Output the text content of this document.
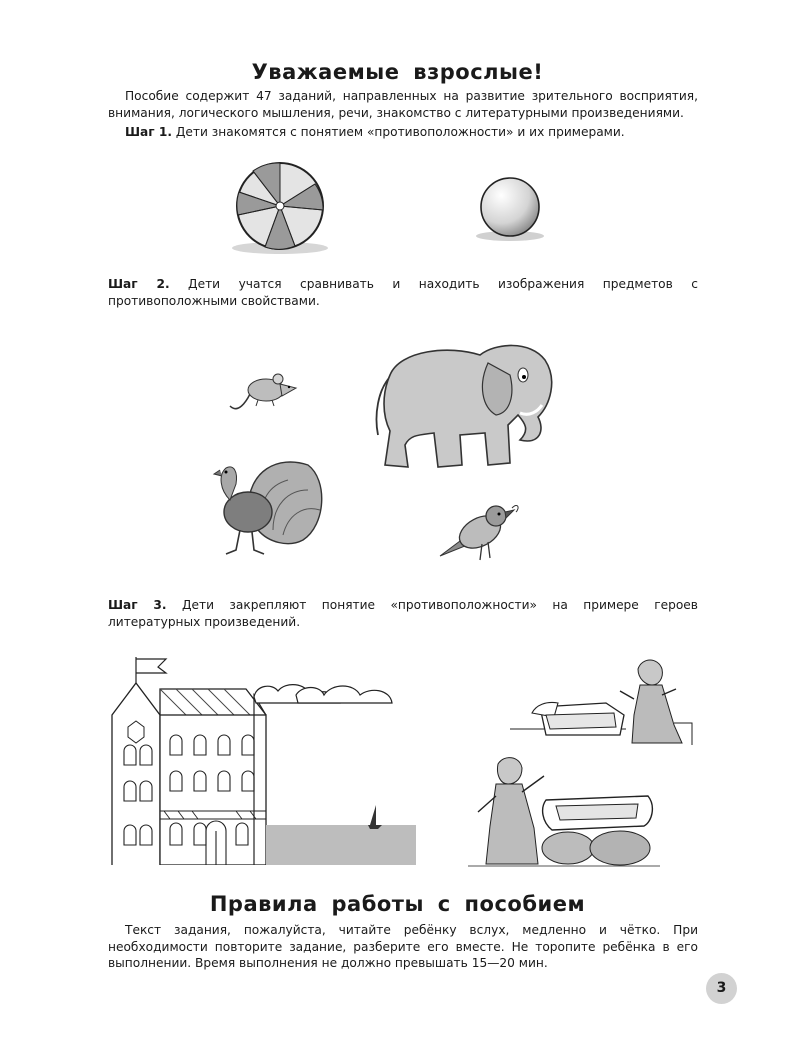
Уважаемые взрослые!

Пособие содержит 47 заданий, направленных на развитие зрительного восприятия, внимания, логического мышления, речи, знакомство с литературными произведениями.

Шаг 1. Дети знакомятся с понятием «противоположности» и их примерами.

Шаг 2. Дети учатся сравнивать и находить изображения предметов с противоположными свойствами.

Шаг 3. Дети закрепляют понятие «противоположности» на примере героев литературных произведений.

Правила работы с пособием

Текст задания, пожалуйста, читайте ребёнку вслух, медленно и чётко. При необходимости повторите задание, разберите его вместе. Не торопите ребёнка в его выполнении. Время выполнения не должно превышать 15—20 мин.

3
